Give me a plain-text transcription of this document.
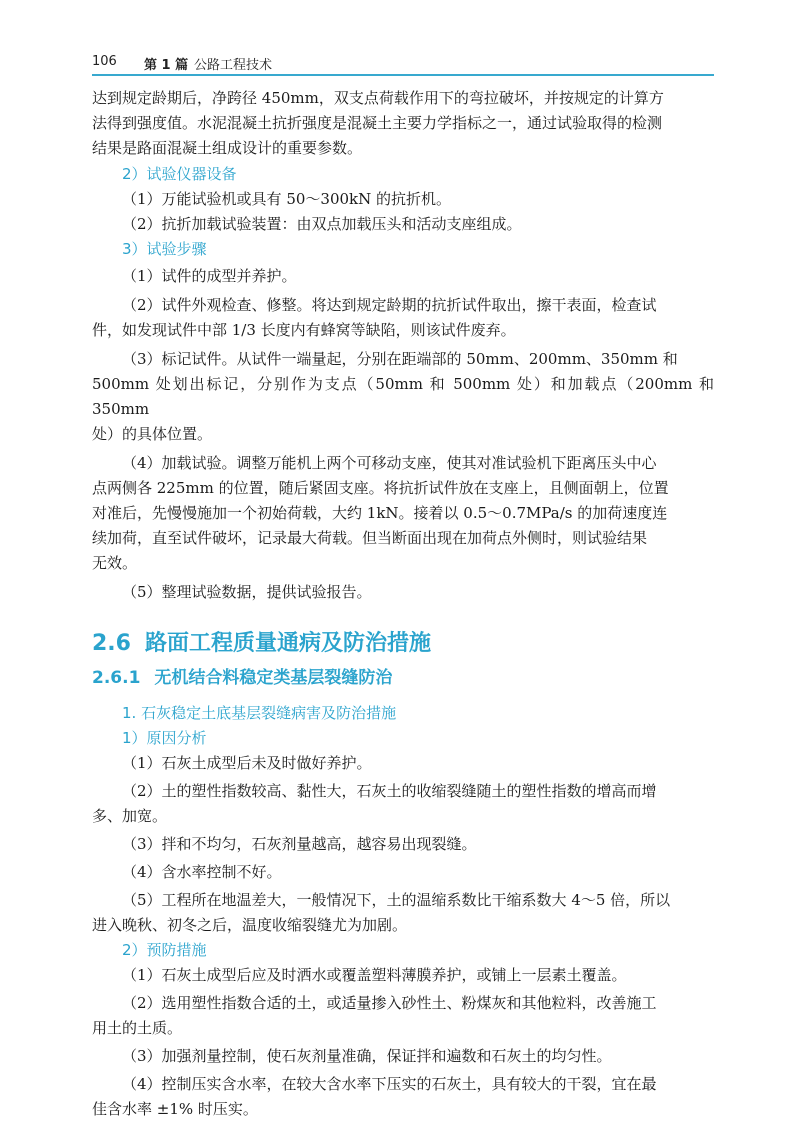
106 第 1 篇 公路工程技术

达到规定龄期后，净跨径 450mm，双支点荷载作用下的弯拉破坏，并按规定的计算方

法得到强度值。水泥混凝土抗折强度是混凝土主要力学指标之一，通过试验取得的检测

结果是路面混凝土组成设计的重要参数。

2）试验仪器设备

（1）万能试验机或具有 50～300kN 的抗折机。

（2）抗折加载试验装置：由双点加载压头和活动支座组成。

3）试验步骤

（1）试件的成型并养护。

（2）试件外观检查、修整。将达到规定龄期的抗折试件取出，擦干表面，检查试

件，如发现试件中部 1/3 长度内有蜂窝等缺陷，则该试件废弃。

（3）标记试件。从试件一端量起，分别在距端部的 50mm、200mm、350mm 和

500mm 处划出标记，分别作为支点（50mm 和 500mm 处）和加载点（200mm 和 350mm

处）的具体位置。

（4）加载试验。调整万能机上两个可移动支座，使其对准试验机下距离压头中心

点两侧各 225mm 的位置，随后紧固支座。将抗折试件放在支座上，且侧面朝上，位置

对准后，先慢慢施加一个初始荷载，大约 1kN。接着以 0.5～0.7MPa/s 的加荷速度连

续加荷，直至试件破坏，记录最大荷载。但当断面出现在加荷点外侧时，则试验结果

无效。

（5）整理试验数据，提供试验报告。

2.6 路面工程质量通病及防治措施
2.6.1 无机结合料稳定类基层裂缝防治

1. 石灰稳定土底基层裂缝病害及防治措施

1）原因分析

（1）石灰土成型后未及时做好养护。

（2）土的塑性指数较高、黏性大，石灰土的收缩裂缝随土的塑性指数的增高而增

多、加宽。

（3）拌和不均匀，石灰剂量越高，越容易出现裂缝。

（4）含水率控制不好。

（5）工程所在地温差大，一般情况下，土的温缩系数比干缩系数大 4～5 倍，所以

进入晚秋、初冬之后，温度收缩裂缝尤为加剧。

2）预防措施

（1）石灰土成型后应及时洒水或覆盖塑料薄膜养护，或铺上一层素土覆盖。

（2）选用塑性指数合适的土，或适量掺入砂性土、粉煤灰和其他粒料，改善施工

用土的土质。

（3）加强剂量控制，使石灰剂量准确，保证拌和遍数和石灰土的均匀性。

（4）控制压实含水率，在较大含水率下压实的石灰土，具有较大的干裂，宜在最

佳含水率 ±1% 时压实。
